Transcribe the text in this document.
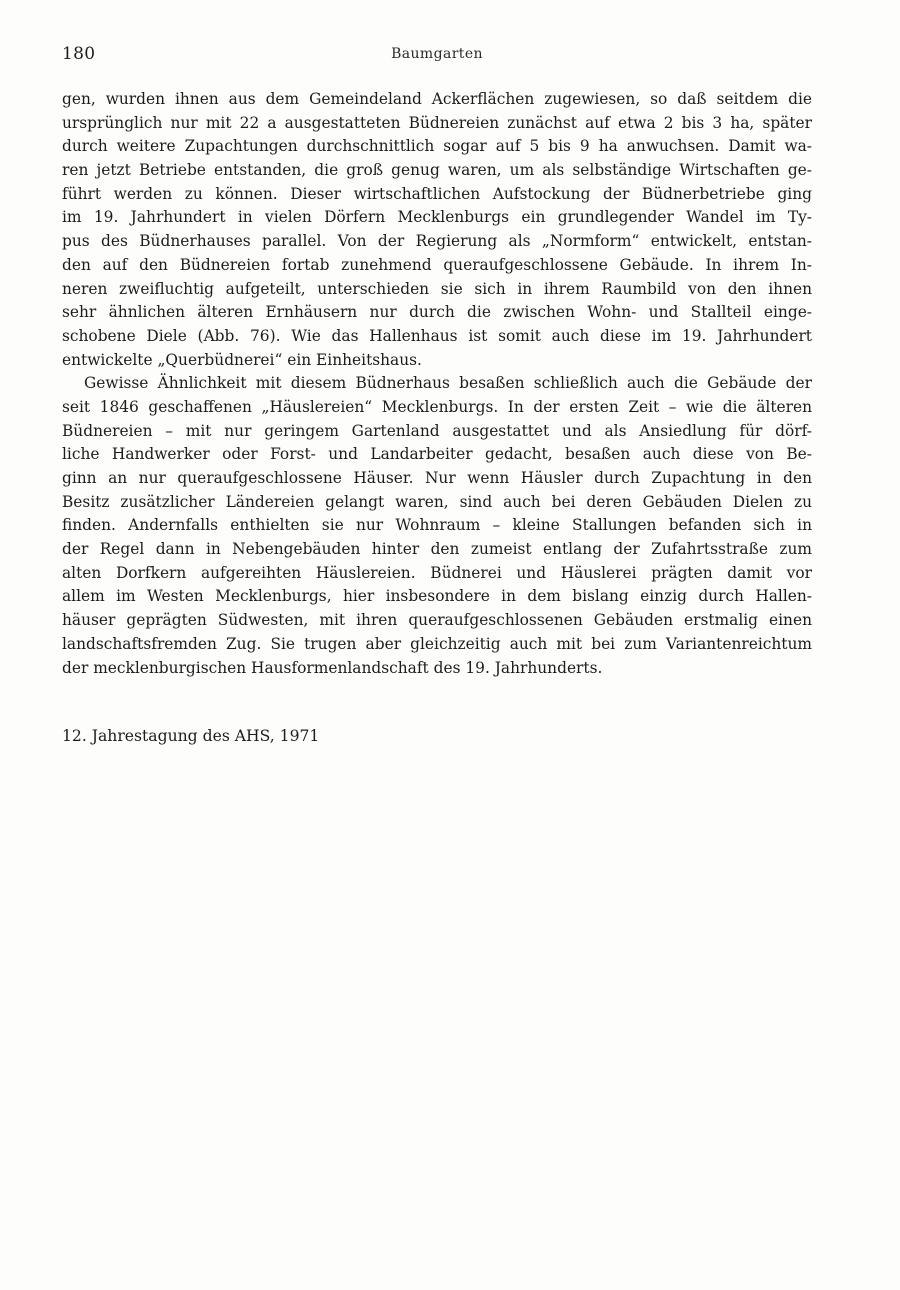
180	Baumgarten
gen, wurden ihnen aus dem Gemeindeland Ackerflächen zugewiesen, so daß seitdem die
ursprünglich nur mit 22 a ausgestatteten Büdnereien zunächst auf etwa 2 bis 3 ha, später
durch weitere Zupachtungen durchschnittlich sogar auf 5 bis 9 ha anwuchsen. Damit wa-
ren jetzt Betriebe entstanden, die groß genug waren, um als selbständige Wirtschaften ge-
führt werden zu können. Dieser wirtschaftlichen Aufstockung der Büdnerbetriebe ging
im 19. Jahrhundert in vielen Dörfern Mecklenburgs ein grundlegender Wandel im Ty-
pus des Büdnerhauses parallel. Von der Regierung als „Normform“ entwickelt, entstan-
den auf den Büdnereien fortab zunehmend queraufgeschlossene Gebäude. In ihrem In-
neren zweifluchtig aufgeteilt, unterschieden sie sich in ihrem Raumbild von den ihnen
sehr ähnlichen älteren Ernhäusern nur durch die zwischen Wohn- und Stallteil einge-
schobene Diele (Abb. 76). Wie das Hallenhaus ist somit auch diese im 19. Jahrhundert
entwickelte „Querbüdnerei“ ein Einheitshaus.
Gewisse Ähnlichkeit mit diesem Büdnerhaus besaßen schließlich auch die Gebäude der
seit 1846 geschaffenen „Häuslereien“ Mecklenburgs. In der ersten Zeit – wie die älteren
Büdnereien – mit nur geringem Gartenland ausgestattet und als Ansiedlung für dörf-
liche Handwerker oder Forst- und Landarbeiter gedacht, besaßen auch diese von Be-
ginn an nur queraufgeschlossene Häuser. Nur wenn Häusler durch Zupachtung in den
Besitz zusätzlicher Ländereien gelangt waren, sind auch bei deren Gebäuden Dielen zu
finden. Andernfalls enthielten sie nur Wohnraum – kleine Stallungen befanden sich in
der Regel dann in Nebengebäuden hinter den zumeist entlang der Zufahrtsstraße zum
alten Dorfkern aufgereihten Häuslereien. Büdnerei und Häuslerei prägten damit vor
allem im Westen Mecklenburgs, hier insbesondere in dem bislang einzig durch Hallen-
häuser geprägten Südwesten, mit ihren queraufgeschlossenen Gebäuden erstmalig einen
landschaftsfremden Zug. Sie trugen aber gleichzeitig auch mit bei zum Variantenreichtum
der mecklenburgischen Hausformenlandschaft des 19. Jahrhunderts.
12. Jahrestagung des AHS, 1971
